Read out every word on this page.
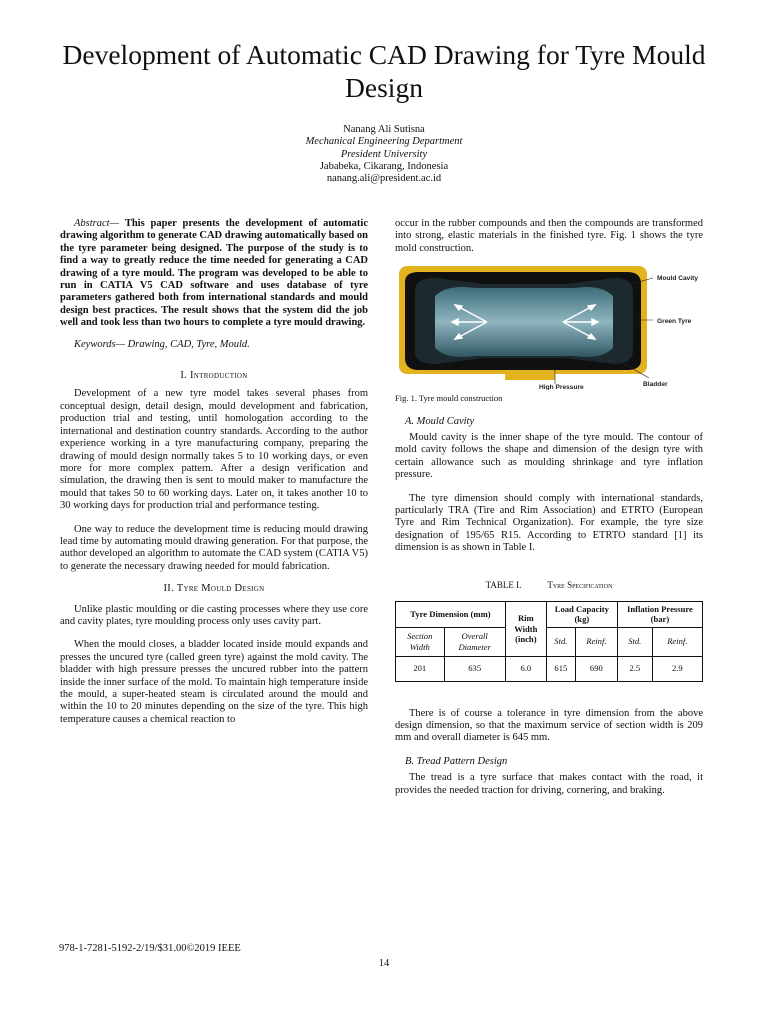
Development of Automatic CAD Drawing for Tyre Mould Design
Nanang Ali Sutisna
Mechanical Engineering Department
President University
Jababeka, Cikarang, Indonesia
nanang.ali@president.ac.id

Abstract— This paper presents the development of automatic drawing algorithm to generate CAD drawing automatically based on the tyre parameter being designed. The purpose of the study is to find a way to greatly reduce the time needed for generating a CAD drawing of a tyre mould. The program was developed to be able to run in CATIA V5 CAD software and uses database of tyre parameters gathered both from international standards and mould design best practices. The result shows that the system did the job well and took less than two hours to complete a tyre mould drawing.

Keywords— Drawing, CAD, Tyre, Mould.

I. Introduction

Development of a new tyre model takes several phases from conceptual design, detail design, mould development and fabrication, production trial and testing, until homologation according to the international and destination country standards. According to the author experience working in a tyre manufacturing company, preparing the drawing of mould design normally takes 5 to 10 working days, or even more for more complex pattern. After a design verification and simulation, the drawing then is sent to mould maker to manufacture the mould that takes 50 to 60 working days. Later on, it takes another 10 to 30 working days for production trial and performance testing.

One way to reduce the development time is reducing mould drawing lead time by automating mould drawing generation. For that purpose, the author developed an algorithm to automate the CAD system (CATIA V5) to generate the necessary drawing needed for mould fabrication.

II. Tyre Mould Design

Unlike plastic moulding or die casting processes where they use core and cavity plates, tyre moulding process only uses cavity part.

When the mould closes, a bladder located inside mould expands and presses the uncured tyre (called green tyre) against the mold cavity. The bladder with high pressure presses the uncured rubber into the pattern inside the inner surface of the mold. To maintain high temperature inside the mould, a super-heated steam is circulated around the mould and within the 10 to 20 minutes depending on the size of the tyre. This high temperature causes a chemical reaction to

occur in the rubber compounds and then the compounds are transformed into strong, elastic materials in the finished tyre. Fig. 1 shows the tyre mold construction.

Mould Cavity
Green Tyre
Bladder
High Pressure
Fig. 1. Tyre mould construction
A. Mould Cavity

Mould cavity is the inner shape of the tyre mould. The contour of mold cavity follows the shape and dimension of the design tyre with certain allowance such as moulding shrinkage and tyre inflation pressure.

The tyre dimension should comply with international standards, particularly TRA (Tire and Rim Association) and ETRTO (European Tyre and Rim Technical Organization). For example, the tyre size designation of 195/65 R15. According to ETRTO standard [1] its dimension is as shown in Table I.

TABLE I.	Tyre Specification
Tyre Dimension (mm)		Rim Width (inch)	Load Capacity (kg)		Inflation Pressure (bar)	
Section Width	Overall Diameter		Std.	Reinf.	Std.	Reinf.
201	635	6.0	615	690	2.5	2.9

There is of course a tolerance in tyre dimension from the above design dimension, so that the maximum service of section width is 209 mm and overall diameter is 645 mm.

B. Tread Pattern Design

The tread is a tyre surface that makes contact with the road, it provides the needed traction for driving, cornering, and braking.

978-1-7281-5192-2/19/$31.00©2019 IEEE
14
